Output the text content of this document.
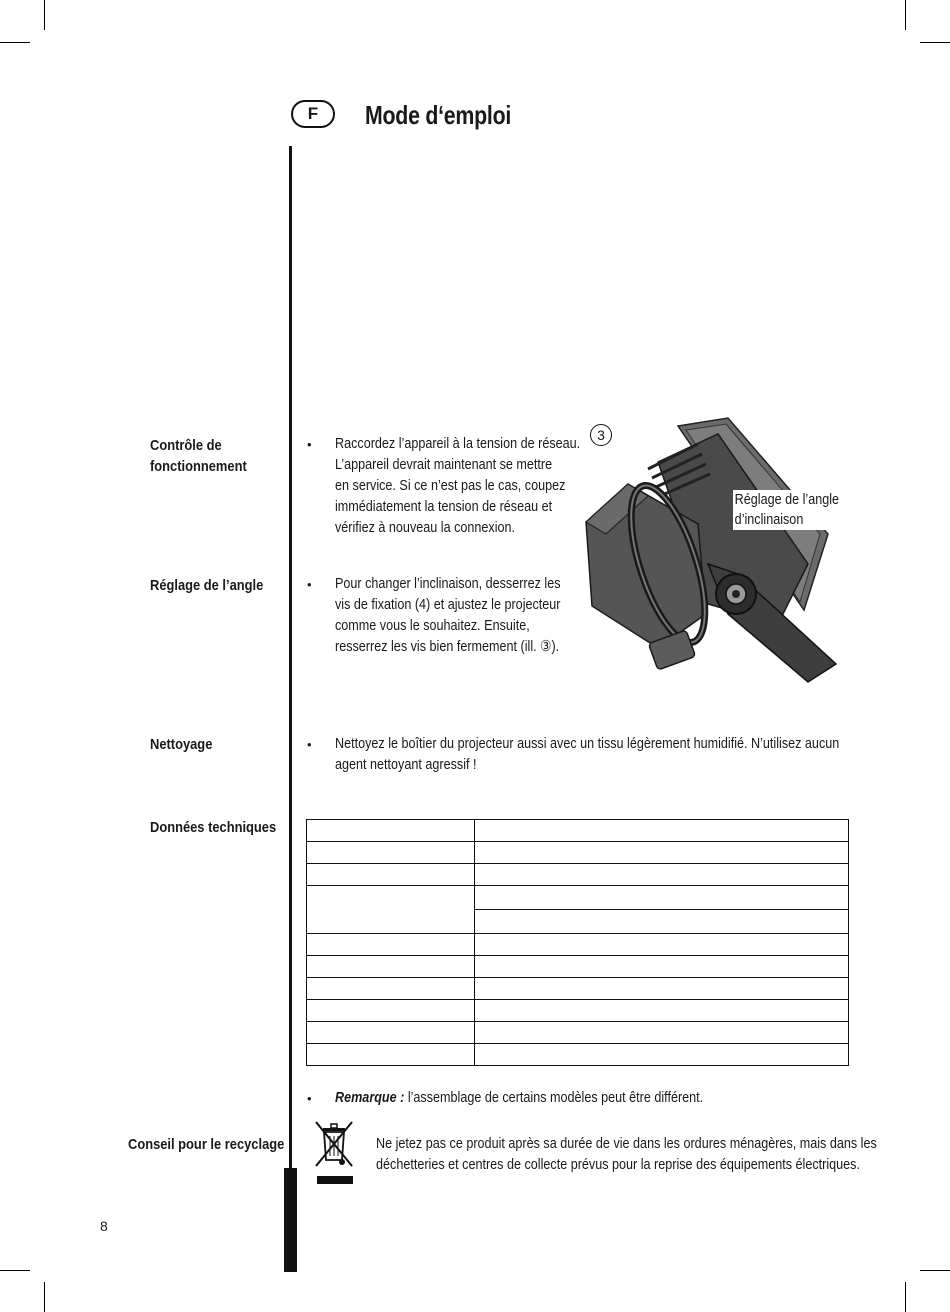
F	Mode d‘emploi
Contrôle de
fonctionnement
• Raccordez l’appareil à la tension de réseau.
L’appareil devrait maintenant se mettre
en service. Si ce n’est pas le cas, coupez
immédiatement la tension de réseau et
vérifiez à nouveau la connexion.
Réglage de l’angle	• Pour changer l’inclinaison, desserrez les
vis de fixation (4) et ajustez le projecteur
comme vous le souhaitez. Ensuite,
resserrez les vis bien fermement (ill. ③).
3
Réglage de l’angle
d’inclinaison
Nettoyage	• Nettoyez le boîtier du projecteur aussi avec un tissu légèrement humidifié. N’utilisez aucun
agent nettoyant agressif !
Données techniques

• Remarque : l’assemblage de certains modèles peut être différent.
Conseil pour le recyclage	Ne jetez pas ce produit après sa durée de vie dans les ordures ménagères, mais dans les
déchetteries et centres de collecte prévus pour la reprise des équipements électriques.
8
